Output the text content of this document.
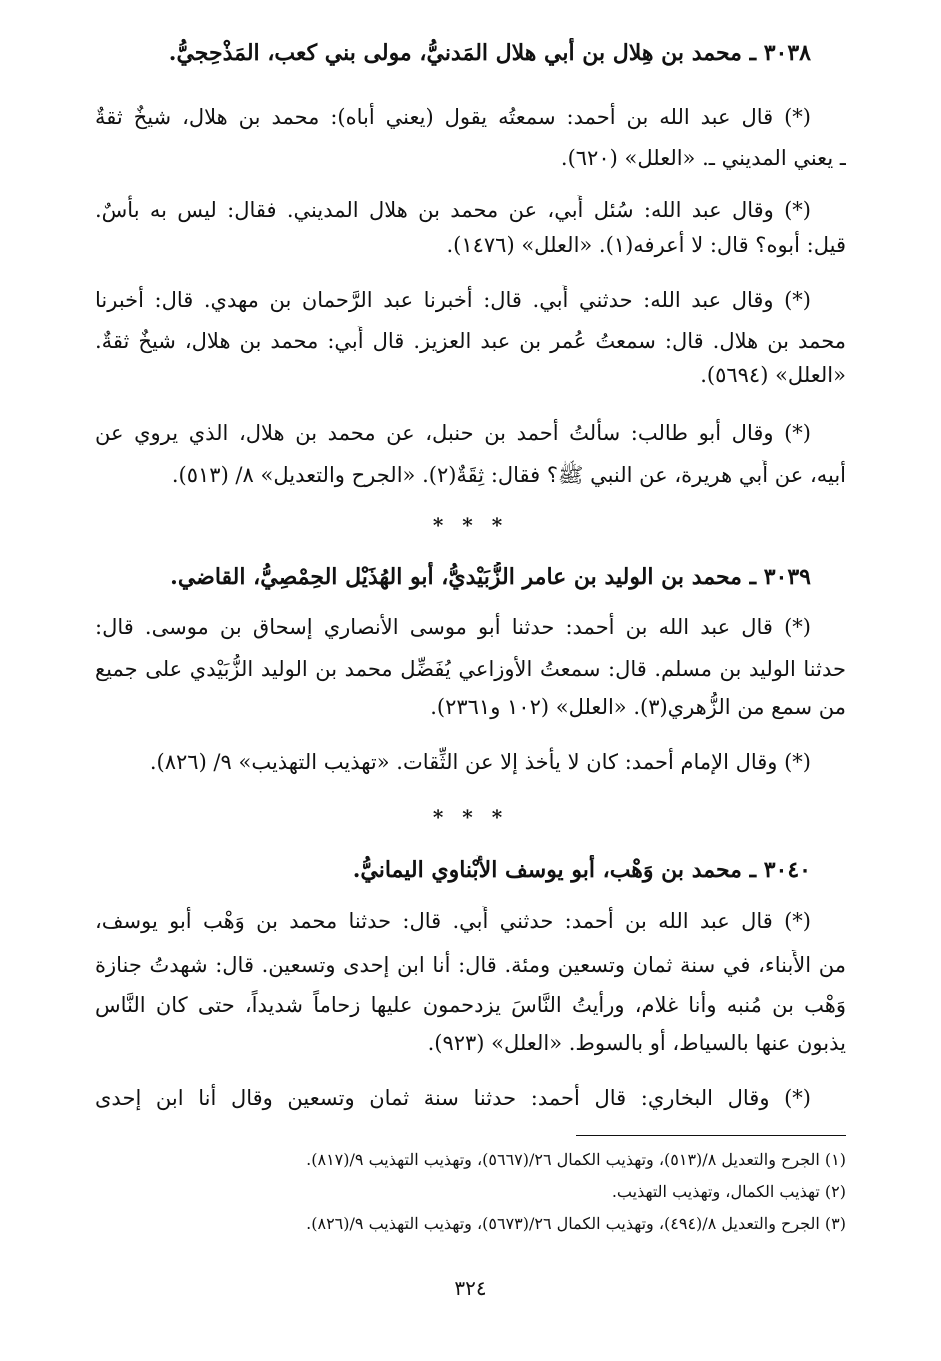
٣٠٣٨ ـ محمد بن هِلال بن أَبي هلال المَدنيُّ، مولى بني كعب، المَذْحِجيُّ.
(*) قال عبد الله بن أحمد: سمعتُه يقول (يعني أباه): محمد بن هلال، شيخٌ ثقةٌ
ـ يعني المديني ـ. «العلل» (٦٢٠).
(*) وقال عبد الله: سُئل أَبي، عن محمد بن هلال المديني. فقال: ليس به بأْسٌ.
قيل: أبوه؟ قال: لا أعرفه(١). «العلل» (١٤٧٦).
(*) وقال عبد الله: حدثني أَبي. قال: أخبرنا عبد الرَّحمان بن مهدي. قال: أخبرنا
محمد بن هلال. قال: سمعتُ عُمر بن عبد العزيز. قال أَبي: محمد بن هلال، شيخٌ ثقةٌ.
«العلل» (٥٦٩٤).
(*) وقال أبو طالب: سألتُ أحمد بن حنبل، عن محمد بن هلال، الذي يروي عن
أبيه، عن أَبي هريرة، عن النبي ﷺ؟ فقال: ثِقَةٌ(٢). «الجرح والتعديل» ٨/ (٥١٣).
* * *
٣٠٣٩ ـ محمد بن الوليد بن عامر الزُّبَيْديُّ، أبو الهُذَيْل الحِمْصِيُّ، القاضي.
(*) قال عبد الله بن أحمد: حدثنا أبو موسى الأنصاري إسحاق بن موسى. قال:
حدثنا الوليد بن مسلم. قال: سمعتُ الأوزاعي يُفَضِّل محمد بن الوليد الزُّبَيْدي على جميع
من سمع من الزُّهري(٣). «العلل» (١٠٢ و٢٣٦١).
(*) وقال الإمام أحمد: كان لا يأْخذ إلا عن الثِّقات. «تهذيب التهذيب» ٩/ (٨٢٦).
* * *
٣٠٤٠ ـ محمد بن وَهْب، أَبو يوسف الأَبْناوي اليمانيُّ.
(*) قال عبد الله بن أحمد: حدثني أَبي. قال: حدثنا محمد بن وَهْب أبو يوسف،
من الأَبناء، في سنة ثمان وتسعين ومئة. قال: أنا ابن إحدى وتسعين. قال: شهدتُ جنازة
وَهْب بن مُنبه وأنا غلام، ورأيتُ النَّاسَ يزدحمون عليها زحاماً شديداً، حتى كان النَّاس
يذبون عنها بالسياط، أو بالسوط. «العلل» (٩٢٣).
(*) وقال البخاري: قال أحمد: حدثنا سنة ثمان وتسعين وقال أنا ابن إحدى
(١) الجرح والتعديل ٨/(٥١٣)، وتهذيب الكمال ٢٦/(٥٦٦٧)، وتهذيب التهذيب ٩/(٨١٧).
(٢) تهذيب الكمال، وتهذيب التهذيب.
(٣) الجرح والتعديل ٨/(٤٩٤)، وتهذيب الكمال ٢٦/(٥٦٧٣)، وتهذيب التهذيب ٩/(٨٢٦).
٣٢٤
